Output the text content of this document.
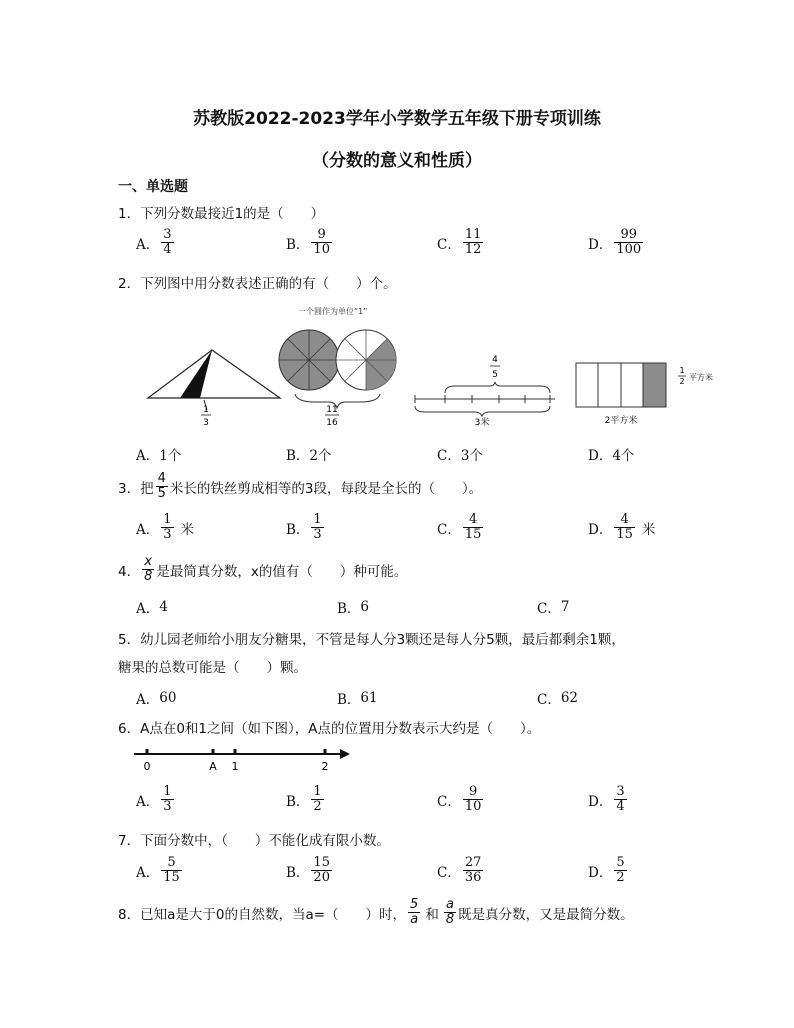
苏教版2022-2023学年小学数学五年级下册专项训练
（分数的意义和性质）
一、单选题
1．下列分数最接近1的是（　　）
A． $\frac{3}{4}$	B． $\frac{9}{10}$	C． $\frac{11}{12}$	D． $\frac{99}{100}$
2．下列图中用分数表述正确的有（　　）个。
1
3
一个圆作为单位“1”
11
16
4
5
3米
1
2 平方米
2平方米
A． 1个	B． 2个	C． 3个	D． 4个
3．把 $\frac{4}{5}$ 米长的铁丝剪成相等的3段，每段是全长的（　　）。
A． $\frac{1}{3}$ 米	B． $\frac{1}{3}$	C． $\frac{4}{15}$	D． $\frac{4}{15}$ 米
4． $\frac{x}{8}$ 是最简真分数，x的值有（　　）种可能。
A． 4	B． 6	C． 7
5．幼儿园老师给小朋友分糖果，不管是每人分3颗还是每人分5颗，最后都剩余1颗，
糖果的总数可能是（　　）颗。
A． 60	B． 61	C． 62
6．A点在0和1之间（如下图），A点的位置用分数表示大约是（　　）。
0	A 1	2
A． $\frac{1}{3}$	B． $\frac{1}{2}$	C． $\frac{9}{10}$	D． $\frac{3}{4}$
7．下面分数中，（　　）不能化成有限小数。
A． $\frac{5}{15}$	B． $\frac{15}{20}$	C． $\frac{27}{36}$	D． $\frac{5}{2}$
8．已知a是大于0的自然数，当a=（　　）时， $\frac{5}{a}$ 和 $\frac{a}{8}$ 既是真分数，又是最简分数。
